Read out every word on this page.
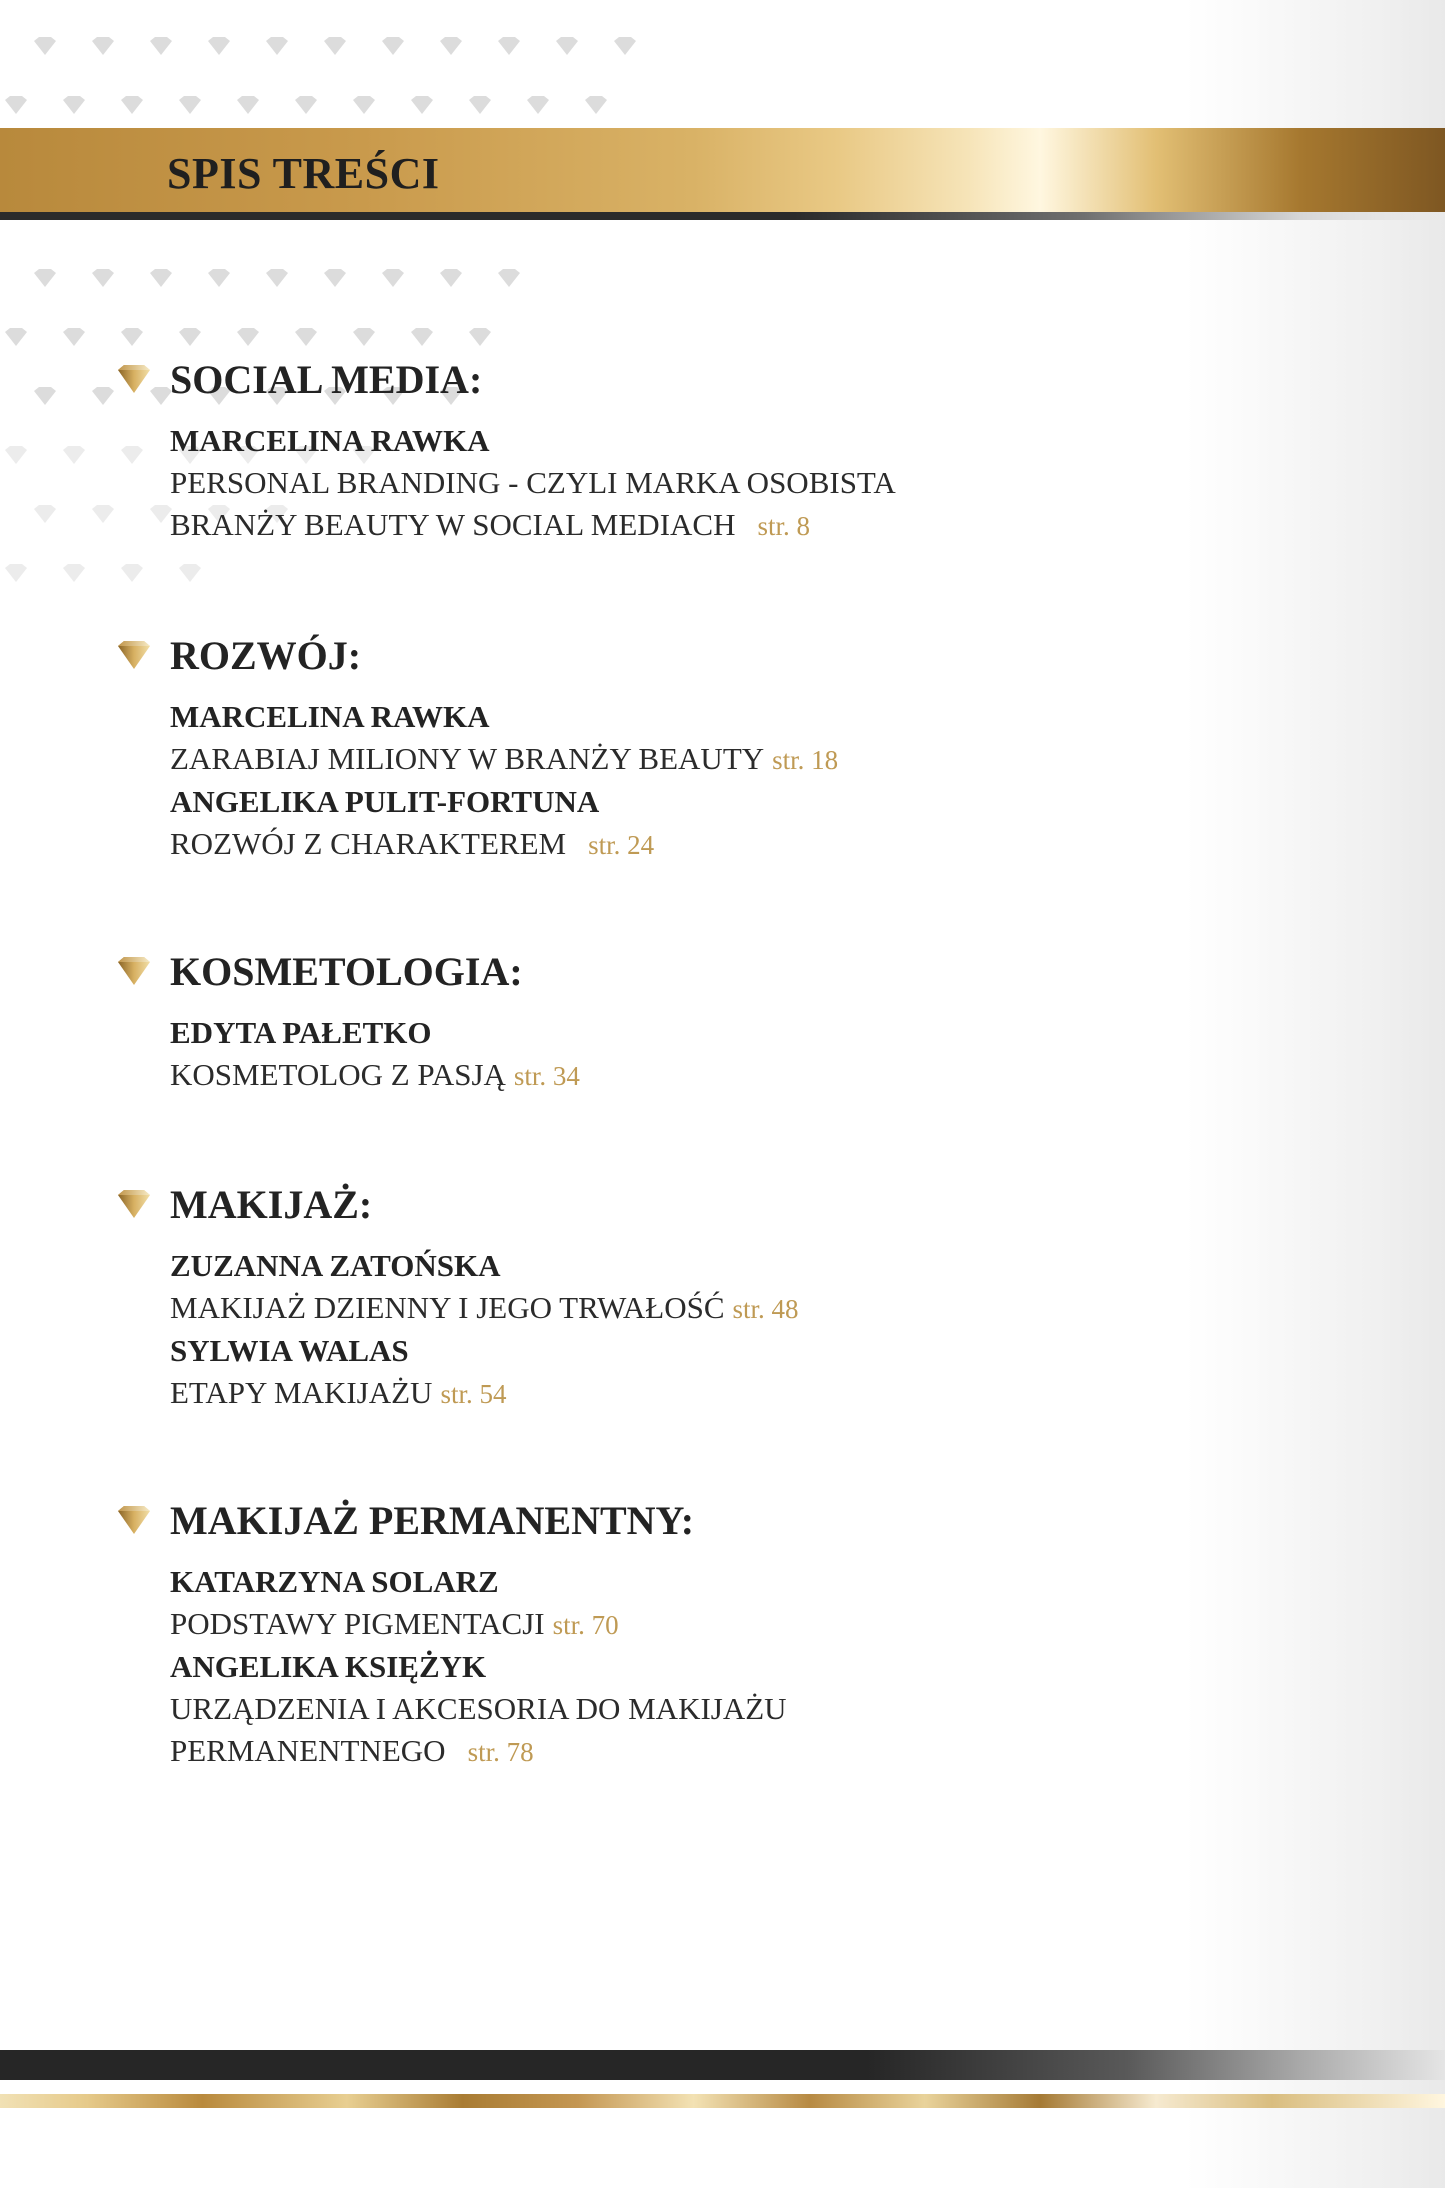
SPIS TREŚCI
SOCIAL MEDIA:
MARCELINA RAWKA
PERSONAL BRANDING - CZYLI MARKA OSOBISTA
BRANŻY BEAUTY W SOCIAL MEDIACH str. 8
ROZWÓJ:
MARCELINA RAWKA
ZARABIAJ MILIONY W BRANŻY BEAUTY str. 18
ANGELIKA PULIT-FORTUNA
ROZWÓJ Z CHARAKTEREM str. 24
KOSMETOLOGIA:
EDYTA PAŁETKO
KOSMETOLOG Z PASJĄ str. 34
MAKIJAŻ:
ZUZANNA ZATOŃSKA
MAKIJAŻ DZIENNY I JEGO TRWAŁOŚĆ str. 48
SYLWIA WALAS
ETAPY MAKIJAŻU str. 54
MAKIJAŻ PERMANENTNY:
KATARZYNA SOLARZ
PODSTAWY PIGMENTACJI str. 70
ANGELIKA KSIĘŻYK
URZĄDZENIA I AKCESORIA DO MAKIJAŻU
PERMANENTNEGO str. 78
